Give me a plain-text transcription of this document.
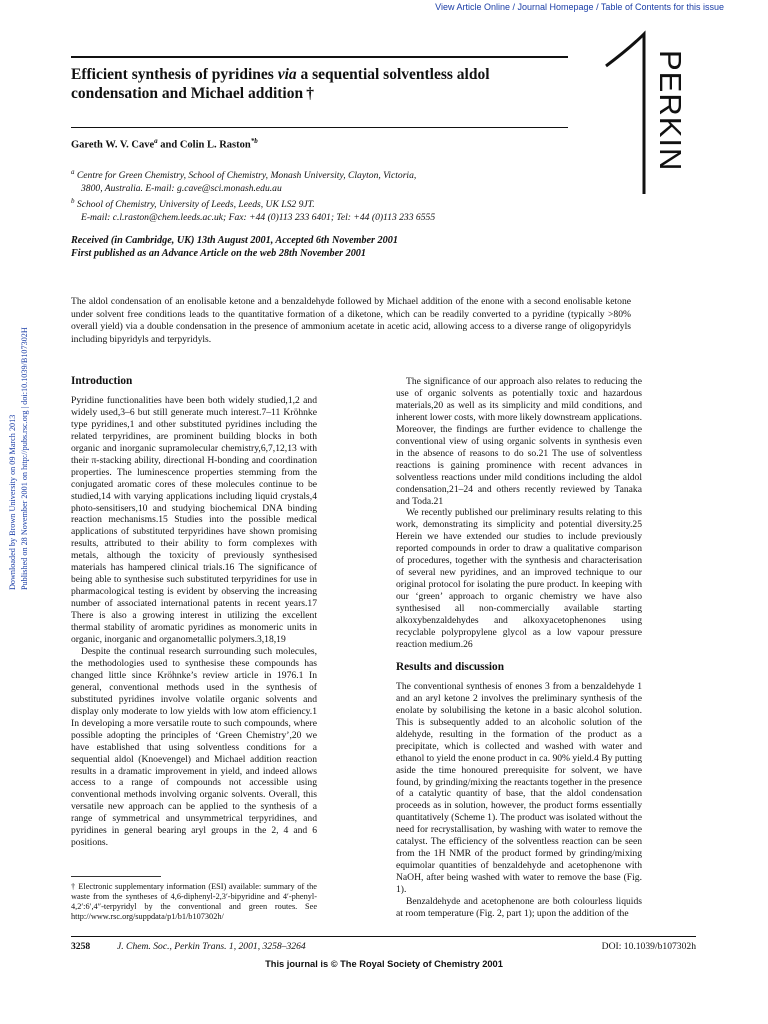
View Article Online / Journal Homepage / Table of Contents for this issue
Downloaded by Brown University on 09 March 2013 Published on 28 November 2001 on http://pubs.rsc.org | doi:10.1039/B107302H
Efficient synthesis of pyridines via a sequential solventless aldol
condensation and Michael addition †	PERKIN
Gareth W. V. Cave$^a$ and Colin L. Raston$^{*b}$
$^a$ Centre for Green Chemistry, School of Chemistry, Monash University, Clayton, Victoria,
3800, Australia. E-mail: g.cave@sci.monash.edu.au
$^b$ School of Chemistry, University of Leeds, Leeds, UK LS2 9JT.
E-mail: c.l.raston@chem.leeds.ac.uk; Fax: +44 (0)113 233 6401; Tel: +44 (0)113 233 6555
Received (in Cambridge, UK) 13th August 2001, Accepted 6th November 2001
First published as an Advance Article on the web 28th November 2001
The aldol condensation of an enolisable ketone and a benzaldehyde followed by Michael addition of the enone with a second enolisable ketone under solvent free conditions leads to the quantitative formation of a diketone, which can be readily converted to a pyridine (typically >80% overall yield) via a double condensation in the presence of ammonium acetate in acetic acid, allowing access to a diverse range of oligopyridyls including bipyridyls and terpyridyls.
Introduction

Pyridine functionalities have been both widely studied,1,2 and widely used,3–6 but still generate much interest.7–11 Kröhnke type pyridines,1 and other substituted pyridines including the related terpyridines, are prominent building blocks in both organic and inorganic supramolecular chemistry,6,7,12,13 with their π-stacking ability, directional H-bonding and coordination properties. The luminescence properties stemming from the conjugated aromatic cores of these molecules continue to be studied,14 with varying applications including liquid crystals,4 photo-sensitisers,10 and studying biochemical DNA binding reaction mechanisms.15 Studies into the possible medical applications of substituted terpyridines have shown promising results, attributed to their ability to form complexes with metals, although the toxicity of previously synthesised materials has hampered clinical trials.16 The significance of being able to synthesise such substituted terpyridines for use in pharmacological testing is evident by observing the increasing number of associated international patents in recent years.17 There is also a growing interest in utilizing the excellent thermal stability of aromatic pyridines as monomeric units in organic, inorganic and organometallic polymers.3,18,19

Despite the continual research surrounding such molecules, the methodologies used to synthesise these compounds has changed little since Kröhnke’s review article in 1976.1 In general, conventional methods used in the synthesis of substituted pyridines involve volatile organic solvents and display only moderate to low yields with low atom efficiency.1 In developing a more versatile route to such compounds, where possible adopting the principles of ‘Green Chemistry’,20 we have established that using solventless conditions for a sequential aldol (Knoevengel) and Michael addition reaction results in a dramatic improvement in yield, and indeed allows access to a range of compounds not accessible using conventional methods involving organic solvents. Overall, this versatile new approach can be applied to the synthesis of a range of symmetrical and unsymmetrical terpyridines, and pyridines in general bearing aryl groups in the 2, 4 and 6 positions.

The significance of our approach also relates to reducing the use of organic solvents as potentially toxic and hazardous materials,20 as well as its simplicity and mild conditions, and inherent lower costs, with more likely downstream applications. Moreover, the findings are further evidence to challenge the conventional view of using organic solvents in synthesis even in the absence of reasons to do so.21 The use of solventless reactions is gaining prominence with recent advances in solventless reactions under mild conditions including the aldol condensation,21–24 and others recently reviewed by Tanaka and Toda.21

We recently published our preliminary results relating to this work, demonstrating its simplicity and potential diversity.25 Herein we have extended our studies to include previously reported compounds in order to draw a qualitative comparison of procedures, together with the synthesis and characterisation of several new pyridines, and an improved technique to our original protocol for isolating the pure product. In keeping with our ‘green’ approach to organic chemistry we have also synthesised all non-commercially available starting alkoxybenzaldehydes and alkoxyacetophenones using recyclable polypropylene glycol as a low vapour pressure reaction medium.26

Results and discussion

The conventional synthesis of enones 3 from a benzaldehyde 1 and an aryl ketone 2 involves the preliminary synthesis of the enolate by solubilising the ketone in a basic alcohol solution. This is subsequently added to an alcoholic solution of the aldehyde, resulting in the formation of the product as a precipitate, which is collected and washed with water and ethanol to yield the enone product in ca. 90% yield.4 By putting aside the time honoured prerequisite for solvent, we have found, by grinding/mixing the reactants together in the presence of a catalytic quantity of base, that the aldol condensation proceeds as in solution, however, the product forms essentially quantitatively (Scheme 1). The product was isolated without the need for recrystallisation, by washing with water to remove the catalyst. The efficiency of the solventless reaction can be seen from the 1H NMR of the product formed by grinding/mixing equimolar quantities of benzaldehyde and acetophenone with NaOH, after being washed with water to remove the base (Fig. 1).

Benzaldehyde and acetophenone are both colourless liquids at room temperature (Fig. 2, part 1); upon the addition of the

† Electronic supplementary information (ESI) available: summary of the waste from the syntheses of 4,6-diphenyl-2,3′-bipyridine and 4′-phenyl-4,2′:6′,4″-terpyridyl by the conventional and green routes. See http://www.rsc.org/suppdata/p1/b1/b107302h/
3258	J. Chem. Soc., Perkin Trans. 1, 2001, 3258–3264	DOI: 10.1039/b107302h
This journal is © The Royal Society of Chemistry 2001
